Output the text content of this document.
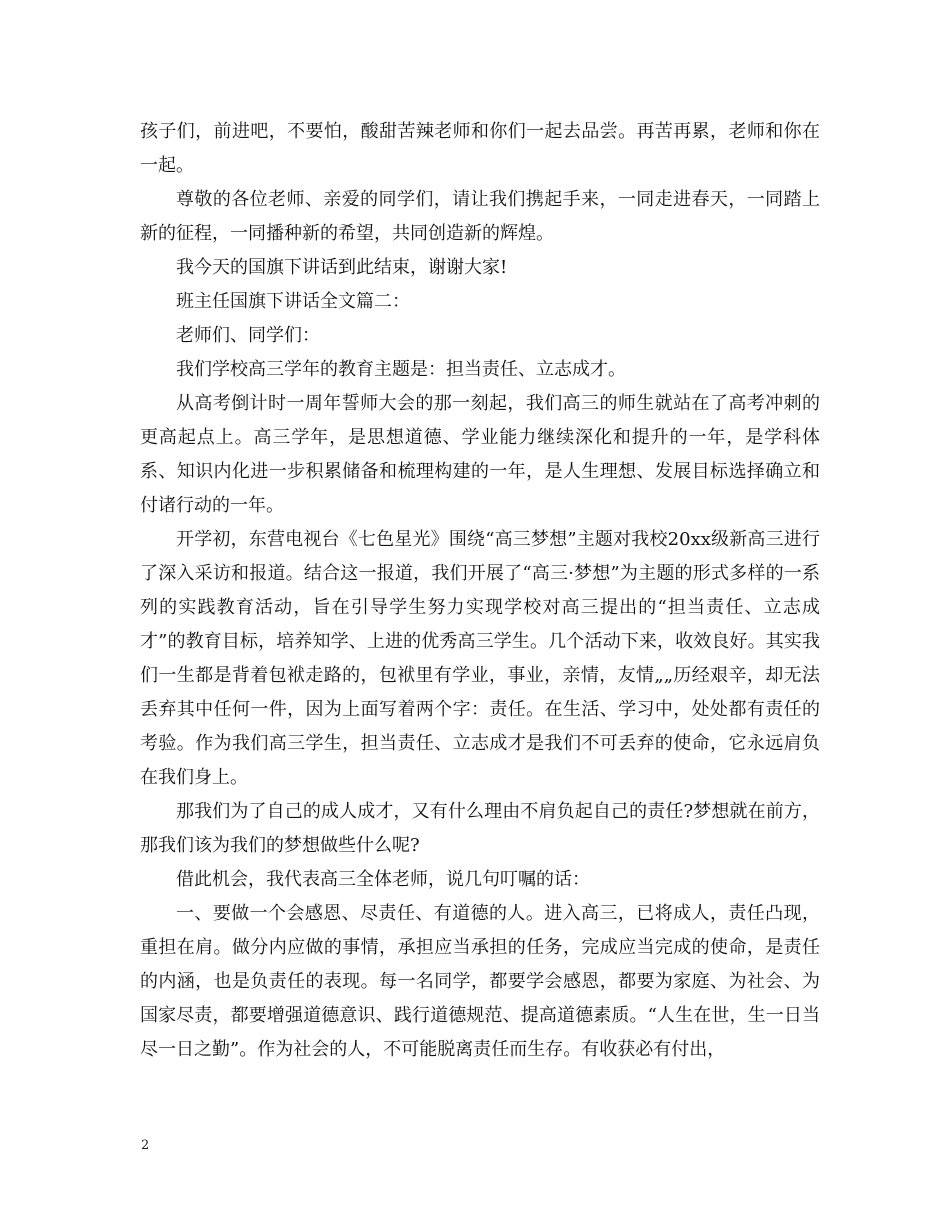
孩子们，前进吧，不要怕，酸甜苦辣老师和你们一起去品尝。再苦再累，老师和你在一起。

尊敬的各位老师、亲爱的同学们，请让我们携起手来，一同走进春天，一同踏上新的征程，一同播种新的希望，共同创造新的辉煌。

我今天的国旗下讲话到此结束，谢谢大家!

班主任国旗下讲话全文篇二：

老师们、同学们：

我们学校高三学年的教育主题是：担当责任、立志成才。

从高考倒计时一周年誓师大会的那一刻起，我们高三的师生就站在了高考冲刺的更高起点上。高三学年，是思想道德、学业能力继续深化和提升的一年，是学科体系、知识内化进一步积累储备和梳理构建的一年，是人生理想、发展目标选择确立和付诸行动的一年。

开学初，东营电视台《七色星光》围绕“高三梦想”主题对我校20xx级新高三进行了深入采访和报道。结合这一报道，我们开展了“高三·梦想”为主题的形式多样的一系列的实践教育活动，旨在引导学生努力实现学校对高三提出的“担当责任、立志成才”的教育目标，培养知学、上进的优秀高三学生。几个活动下来，收效良好。其实我们一生都是背着包袱走路的，包袱里有学业，事业，亲情，友情„„历经艰辛，却无法丢弃其中任何一件，因为上面写着两个字：责任。在生活、学习中，处处都有责任的考验。作为我们高三学生，担当责任、立志成才是我们不可丢弃的使命，它永远肩负在我们身上。

那我们为了自己的成人成才，又有什么理由不肩负起自己的责任?梦想就在前方，那我们该为我们的梦想做些什么呢?

借此机会，我代表高三全体老师，说几句叮嘱的话：

一、要做一个会感恩、尽责任、有道德的人。进入高三，已将成人，责任凸现，重担在肩。做分内应做的事情，承担应当承担的任务，完成应当完成的使命，是责任的内涵，也是负责任的表现。每一名同学，都要学会感恩，都要为家庭、为社会、为国家尽责，都要增强道德意识、践行道德规范、提高道德素质。“人生在世，生一日当尽一日之勤”。作为社会的人，不可能脱离责任而生存。有收获必有付出，

2
